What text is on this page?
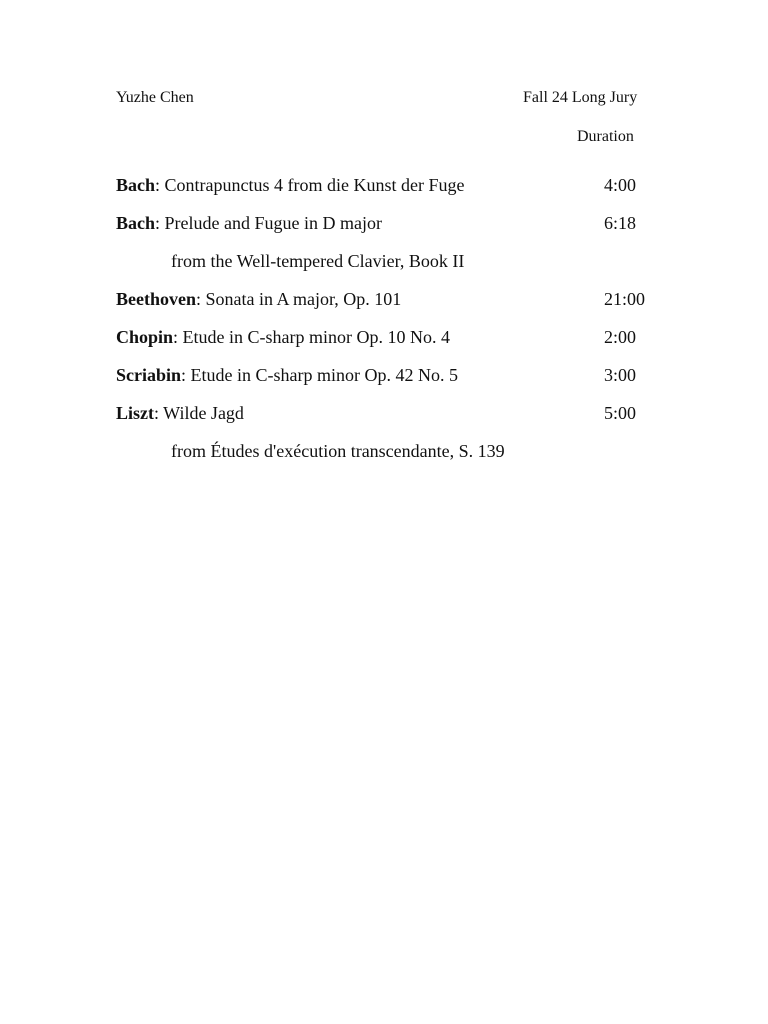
Yuzhe Chen	Fall 24 Long Jury
Duration
Bach: Contrapunctus 4 from die Kunst der Fuge	4:00
Bach: Prelude and Fugue in D major	6:18
from the Well-tempered Clavier, Book II
Beethoven: Sonata in A major, Op. 101	21:00
Chopin: Etude in C-sharp minor Op. 10 No. 4	2:00
Scriabin: Etude in C-sharp minor Op. 42 No. 5	3:00
Liszt: Wilde Jagd	5:00
from Études d'exécution transcendante, S. 139
